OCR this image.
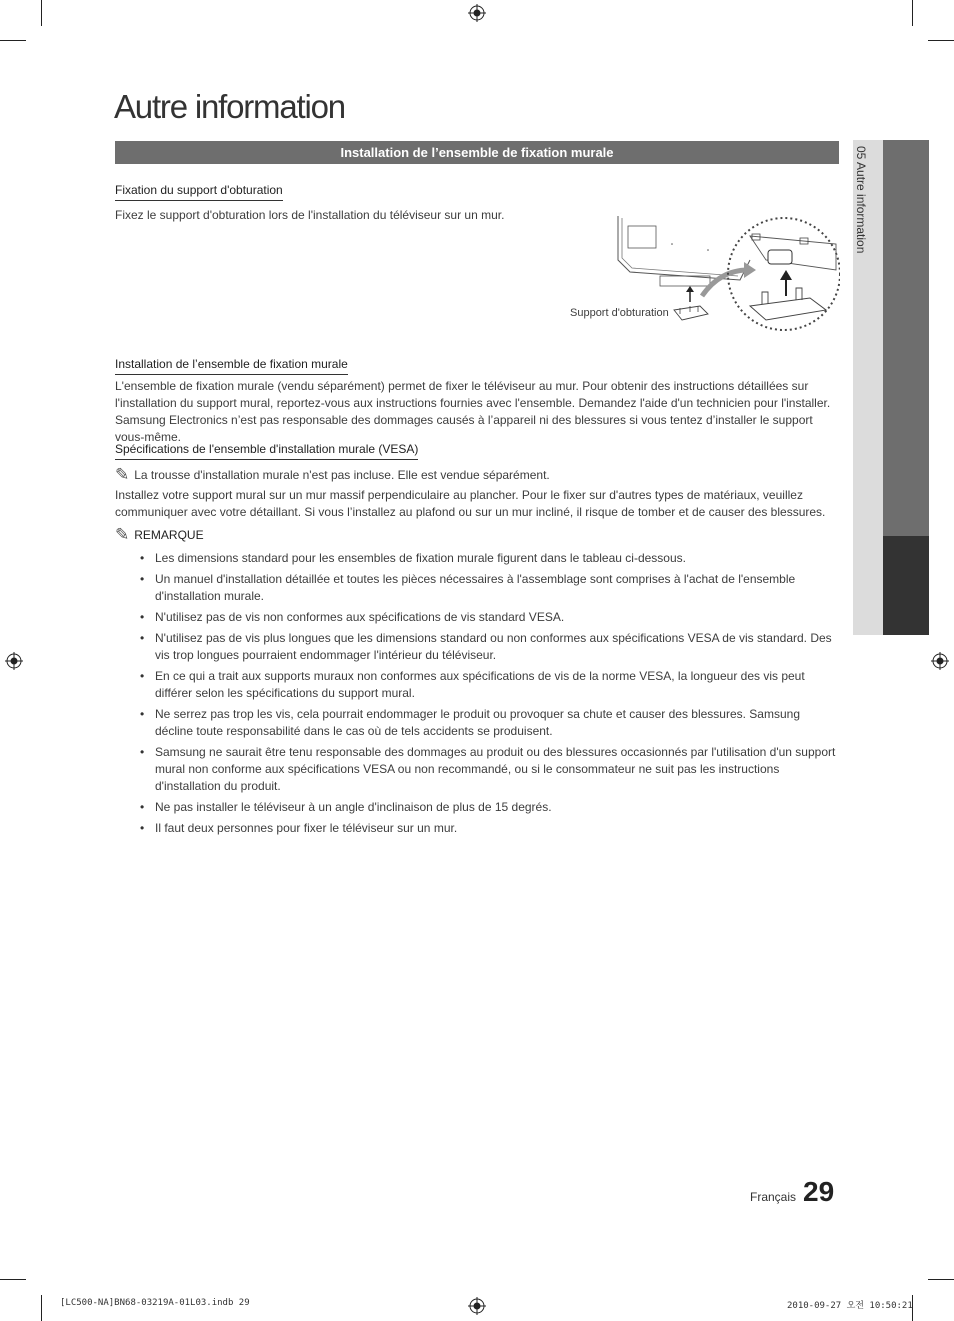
Autre information
Installation de l’ensemble de fixation murale
Fixation du support d'obturation
Fixez le support d'obturation lors de l'installation du téléviseur sur un mur.
Support d'obturation
Installation de l’ensemble de fixation murale
L'ensemble de fixation murale (vendu séparément) permet de fixer le téléviseur au mur. Pour obtenir des instructions détaillées sur l'installation du support mural, reportez-vous aux instructions fournies avec l'ensemble. Demandez l'aide d'un technicien pour l'installer. Samsung Electronics n’est pas responsable des dommages causés à l’appareil ni des blessures si vous tentez d’installer le support vous-même.
Spécifications de l'ensemble d'installation murale (VESA)
✎ La trousse d'installation murale n'est pas incluse. Elle est vendue séparément.
Installez votre support mural sur un mur massif perpendiculaire au plancher. Pour le fixer sur d'autres types de matériaux, veuillez communiquer avec votre détaillant. Si vous l’installez au plafond ou sur un mur incliné, il risque de tomber et de causer des blessures.
✎ REMARQUE
• Les dimensions standard pour les ensembles de fixation murale figurent dans le tableau ci-dessous.
• Un manuel d'installation détaillée et toutes les pièces nécessaires à l'assemblage sont comprises à l'achat de l'ensemble d'installation murale.
• N'utilisez pas de vis non conformes aux spécifications de vis standard VESA.
• N'utilisez pas de vis plus longues que les dimensions standard ou non conformes aux spécifications VESA de vis standard. Des vis trop longues pourraient endommager l'intérieur du téléviseur.
• En ce qui a trait aux supports muraux non conformes aux spécifications de vis de la norme VESA, la longueur des vis peut différer selon les spécifications du support mural.
• Ne serrez pas trop les vis, cela pourrait endommager le produit ou provoquer sa chute et causer des blessures. Samsung décline toute responsabilité dans le cas où de tels accidents se produisent.
• Samsung ne saurait être tenu responsable des dommages au produit ou des blessures occasionnés par l'utilisation d'un support mural non conforme aux spécifications VESA ou non recommandé, ou si le consommateur ne suit pas les instructions d'installation du produit.
• Ne pas installer le téléviseur à un angle d'inclinaison de plus de 15 degrés.
• Il faut deux personnes pour fixer le téléviseur sur un mur.
05 Autre information
Français 29
[LC500-NA]BN68-03219A-01L03.indb 29	2010-09-27 오전 10:50:21
